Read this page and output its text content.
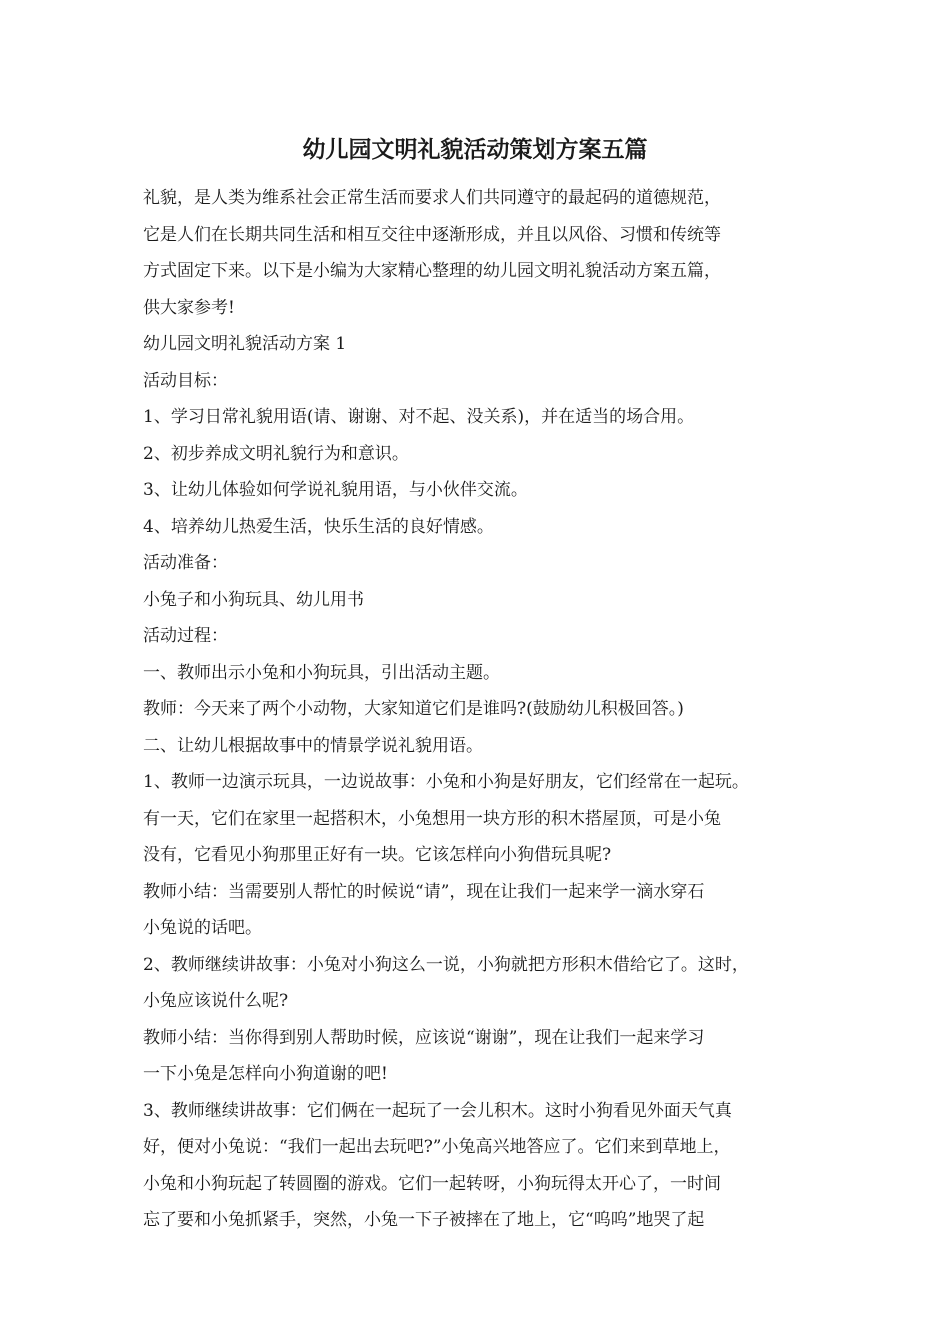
幼儿园文明礼貌活动策划方案五篇

礼貌，是人类为维系社会正常生活而要求人们共同遵守的最起码的道德规范，

它是人们在长期共同生活和相互交往中逐渐形成，并且以风俗、习惯和传统等

方式固定下来。以下是小编为大家精心整理的幼儿园文明礼貌活动方案五篇，

供大家参考!

幼儿园文明礼貌活动方案 1

活动目标：

1、学习日常礼貌用语(请、谢谢、对不起、没关系)，并在适当的场合用。

2、初步养成文明礼貌行为和意识。

3、让幼儿体验如何学说礼貌用语，与小伙伴交流。

4、培养幼儿热爱生活，快乐生活的良好情感。

活动准备：

小兔子和小狗玩具、幼儿用书

活动过程：

一、教师出示小兔和小狗玩具，引出活动主题。

教师：今天来了两个小动物，大家知道它们是谁吗?(鼓励幼儿积极回答。)

二、让幼儿根据故事中的情景学说礼貌用语。

1、教师一边演示玩具，一边说故事：小兔和小狗是好朋友，它们经常在一起玩。

有一天，它们在家里一起搭积木，小兔想用一块方形的积木搭屋顶，可是小兔

没有，它看见小狗那里正好有一块。它该怎样向小狗借玩具呢?

教师小结：当需要别人帮忙的时候说“请”，现在让我们一起来学一滴水穿石

小兔说的话吧。

2、教师继续讲故事：小兔对小狗这么一说，小狗就把方形积木借给它了。这时，

小兔应该说什么呢?

教师小结：当你得到别人帮助时候，应该说“谢谢”，现在让我们一起来学习

一下小兔是怎样向小狗道谢的吧!

3、教师继续讲故事：它们俩在一起玩了一会儿积木。这时小狗看见外面天气真

好，便对小兔说：“我们一起出去玩吧?”小兔高兴地答应了。它们来到草地上，

小兔和小狗玩起了转圆圈的游戏。它们一起转呀，小狗玩得太开心了，一时间

忘了要和小兔抓紧手，突然，小兔一下子被摔在了地上，它“呜呜”地哭了起
